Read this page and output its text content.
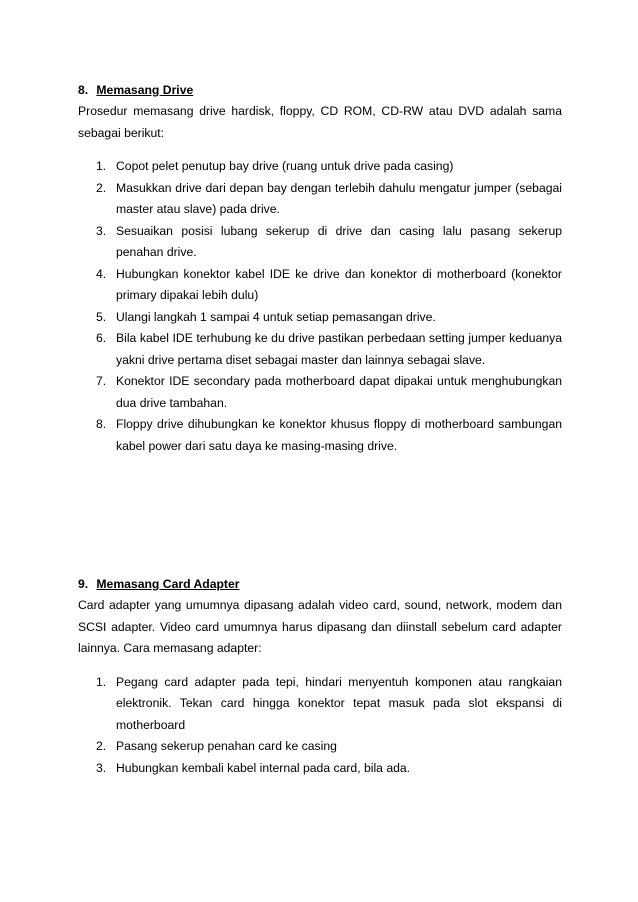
8. Memasang Drive

Prosedur memasang drive hardisk, floppy, CD ROM, CD-RW atau DVD adalah sama sebagai berikut:

1. Copot pelet penutup bay drive (ruang untuk drive pada casing)
2. Masukkan drive dari depan bay dengan terlebih dahulu mengatur jumper (sebagai master atau slave) pada drive.
3. Sesuaikan posisi lubang sekerup di drive dan casing lalu pasang sekerup penahan drive.
4. Hubungkan konektor kabel IDE ke drive dan konektor di motherboard (konektor primary dipakai lebih dulu)
5. Ulangi langkah 1 sampai 4 untuk setiap pemasangan drive.
6. Bila kabel IDE terhubung ke du drive pastikan perbedaan setting jumper keduanya yakni drive pertama diset sebagai master dan lainnya sebagai slave.
7. Konektor IDE secondary pada motherboard dapat dipakai untuk menghubungkan dua drive tambahan.
8. Floppy drive dihubungkan ke konektor khusus floppy di motherboard sambungan kabel power dari satu daya ke masing-masing drive.
9. Memasang Card Adapter

Card adapter yang umumnya dipasang adalah video card, sound, network, modem dan SCSI adapter. Video card umumnya harus dipasang dan diinstall sebelum card adapter lainnya. Cara memasang adapter:

1. Pegang card adapter pada tepi, hindari menyentuh komponen atau rangkaian elektronik. Tekan card hingga konektor tepat masuk pada slot ekspansi di motherboard
2. Pasang sekerup penahan card ke casing
3. Hubungkan kembali kabel internal pada card, bila ada.
